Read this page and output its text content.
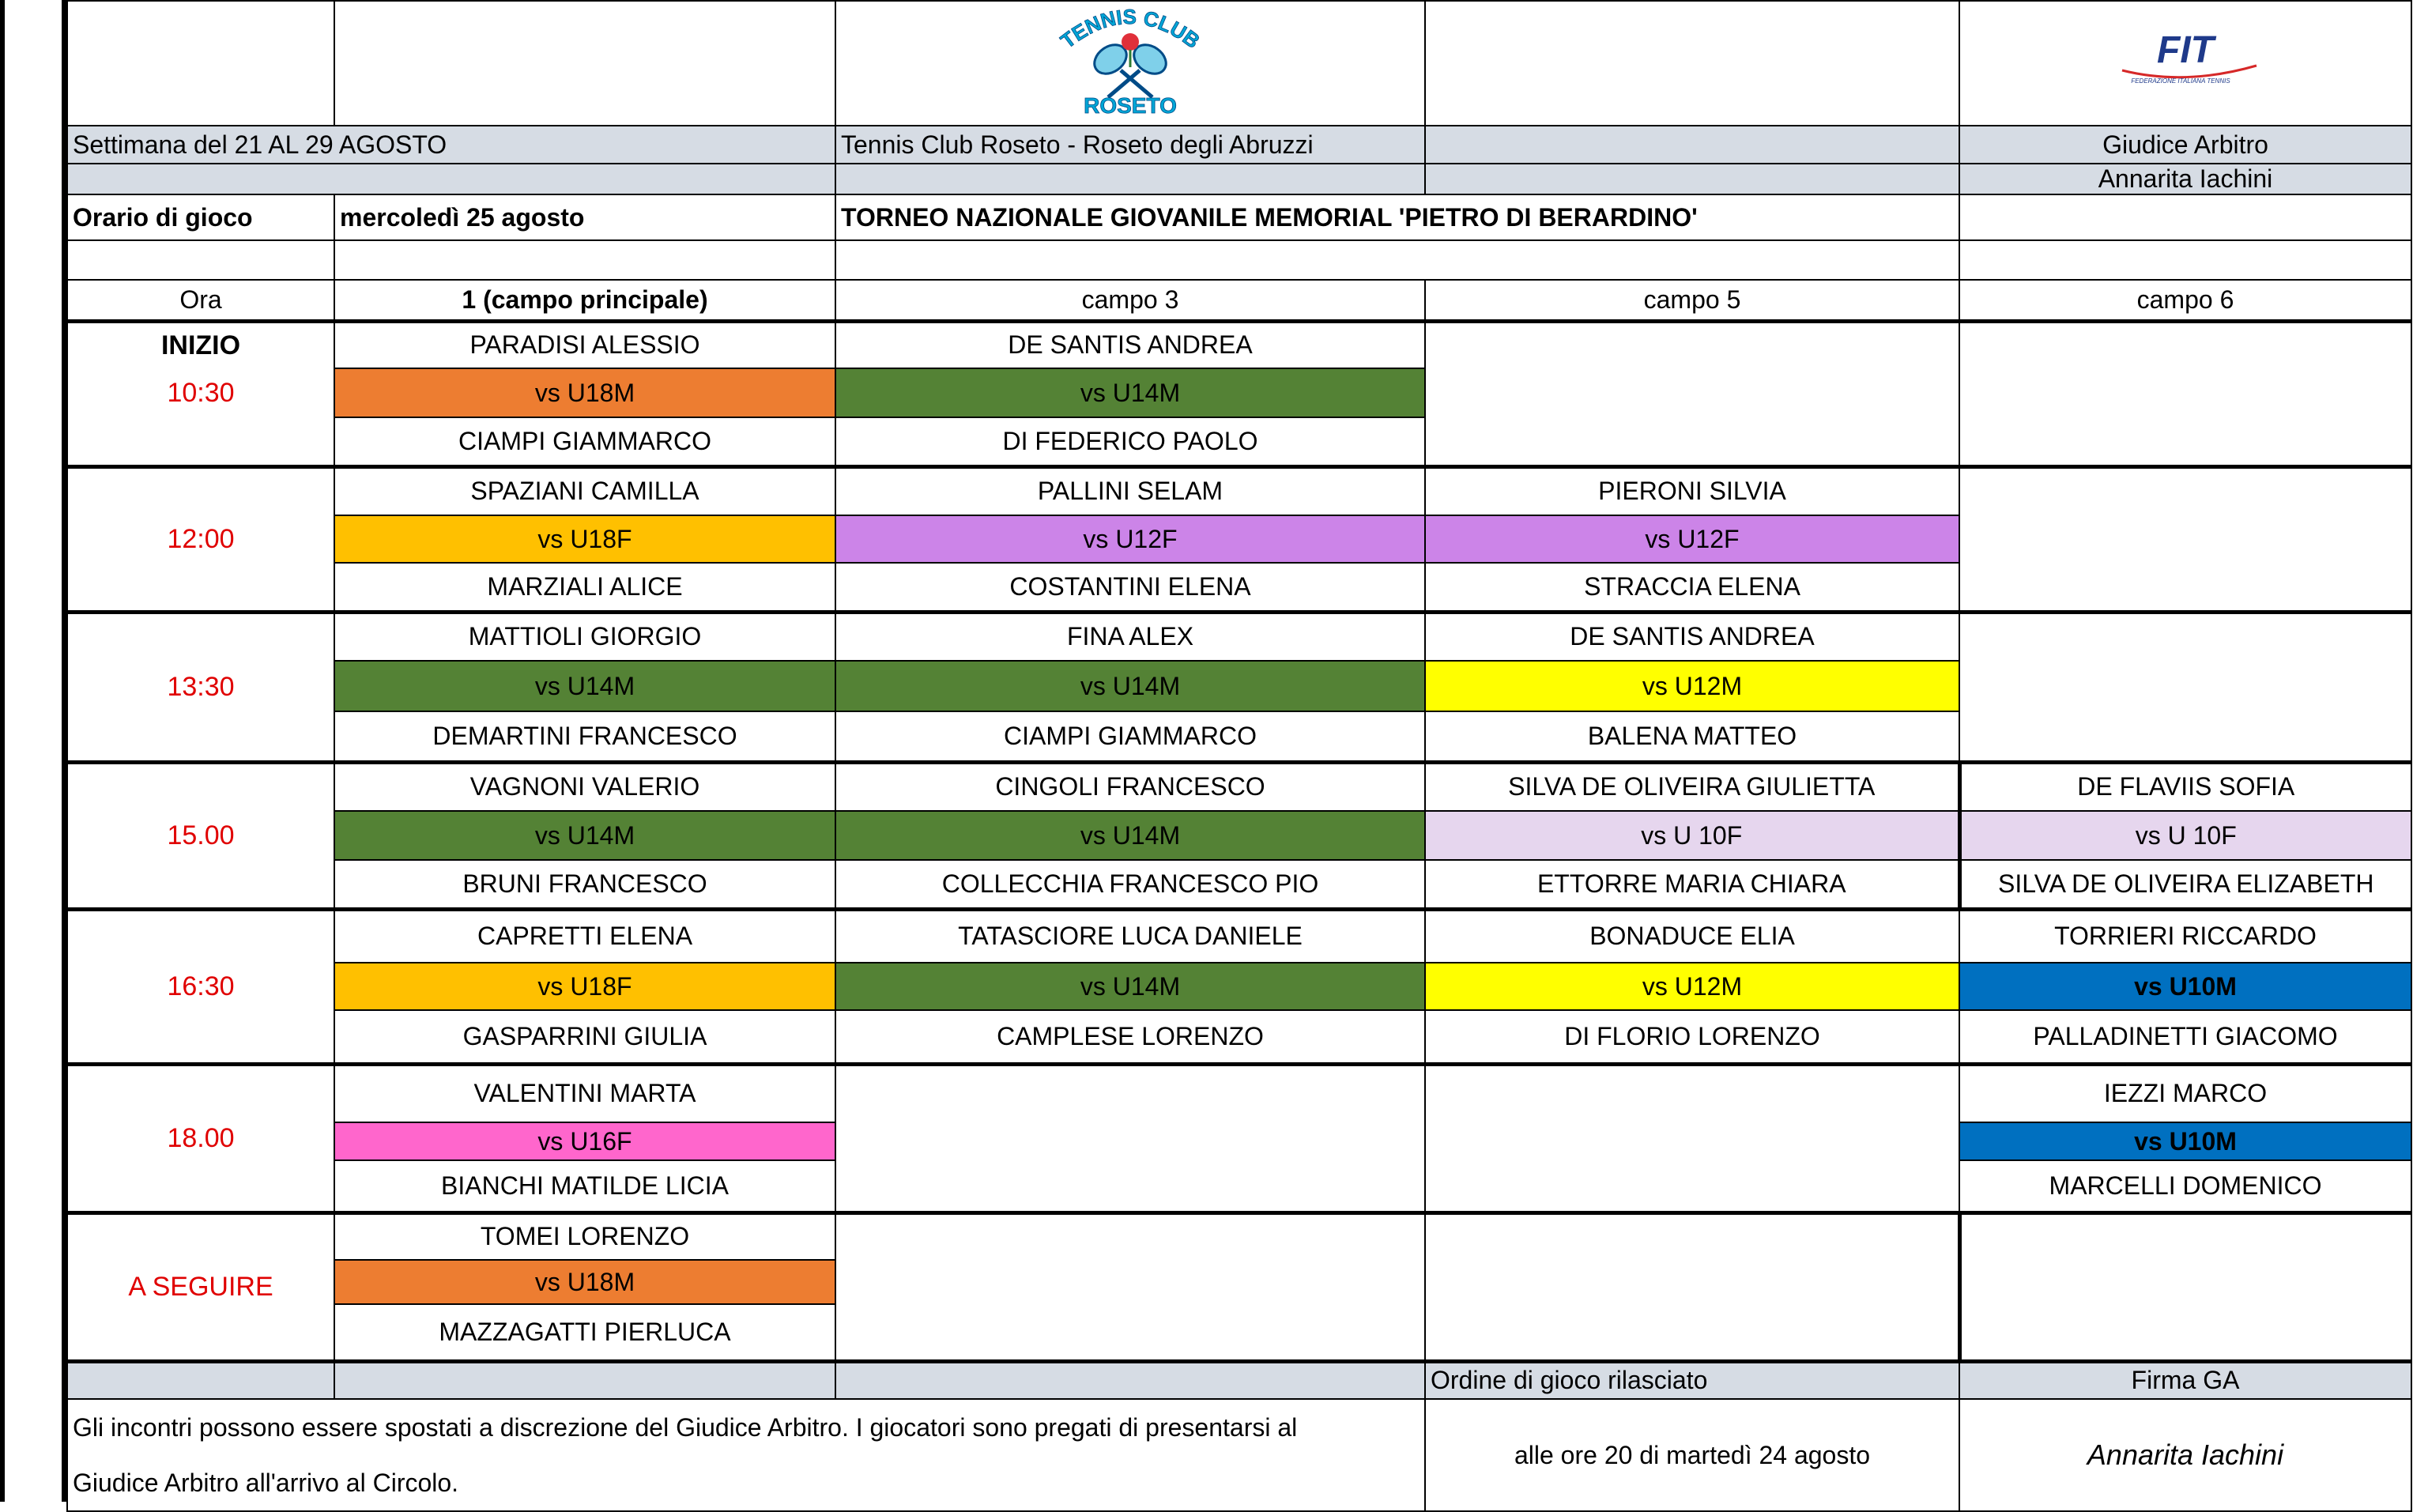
TENNIS CLUB
ROSETO		FIT
FEDERAZIONE ITALIANA TENNIS

Settimana del 21 AL 29 AGOSTO		Tennis Club Roseto - Roseto degli Abruzzi		Giudice Arbitro
				Annarita Iachini
Orario di gioco	mercoledì 25 agosto	TORNEO NAZIONALE GIOVANILE MEMORIAL 'PIETRO DI BERARDINO'		

Ora	1 (campo principale)	campo 3	campo 5	campo 6
INIZIO	PARADISI ALESSIO	DE SANTIS ANDREA		
10:30	vs U18M	vs U14M		
	CIAMPI GIAMMARCO	DI FEDERICO PAOLO		
12:00	SPAZIANI CAMILLA	PALLINI SELAM	PIERONI SILVIA	
	vs U18F	vs U12F	vs U12F	
	MARZIALI ALICE	COSTANTINI ELENA	STRACCIA ELENA	
13:30	MATTIOLI GIORGIO	FINA ALEX	DE SANTIS ANDREA	
	vs U14M	vs U14M	vs U12M	
	DEMARTINI FRANCESCO	CIAMPI GIAMMARCO	BALENA MATTEO	
15.00	VAGNONI VALERIO	CINGOLI FRANCESCO	SILVA DE OLIVEIRA GIULIETTA	DE FLAVIIS SOFIA
	vs U14M	vs U14M	vs U 10F	vs U 10F
	BRUNI FRANCESCO	COLLECCHIA FRANCESCO PIO	ETTORRE MARIA CHIARA	SILVA DE OLIVEIRA ELIZABETH
16:30	CAPRETTI ELENA	TATASCIORE LUCA DANIELE	BONADUCE ELIA	TORRIERI RICCARDO
	vs U18F	vs U14M	vs U12M	vs U10M
	GASPARRINI GIULIA	CAMPLESE LORENZO	DI FLORIO LORENZO	PALLADINETTI GIACOMO
18.00	VALENTINI MARTA			IEZZI MARCO
	vs U16F			vs U10M
	BIANCHI MATILDE LICIA			MARCELLI DOMENICO
A SEGUIRE	TOMEI LORENZO			
	vs U18M			
	MAZZAGATTI PIERLUCA			
			Ordine di gioco rilasciato	Firma GA

Gli incontri possono essere spostati a discrezione del Giudice Arbitro. I giocatori sono pregati di presentarsi al
Giudice Arbitro all'arrivo al Circolo.			alle ore 20 di martedì 24 agosto	Annarita Iachini
